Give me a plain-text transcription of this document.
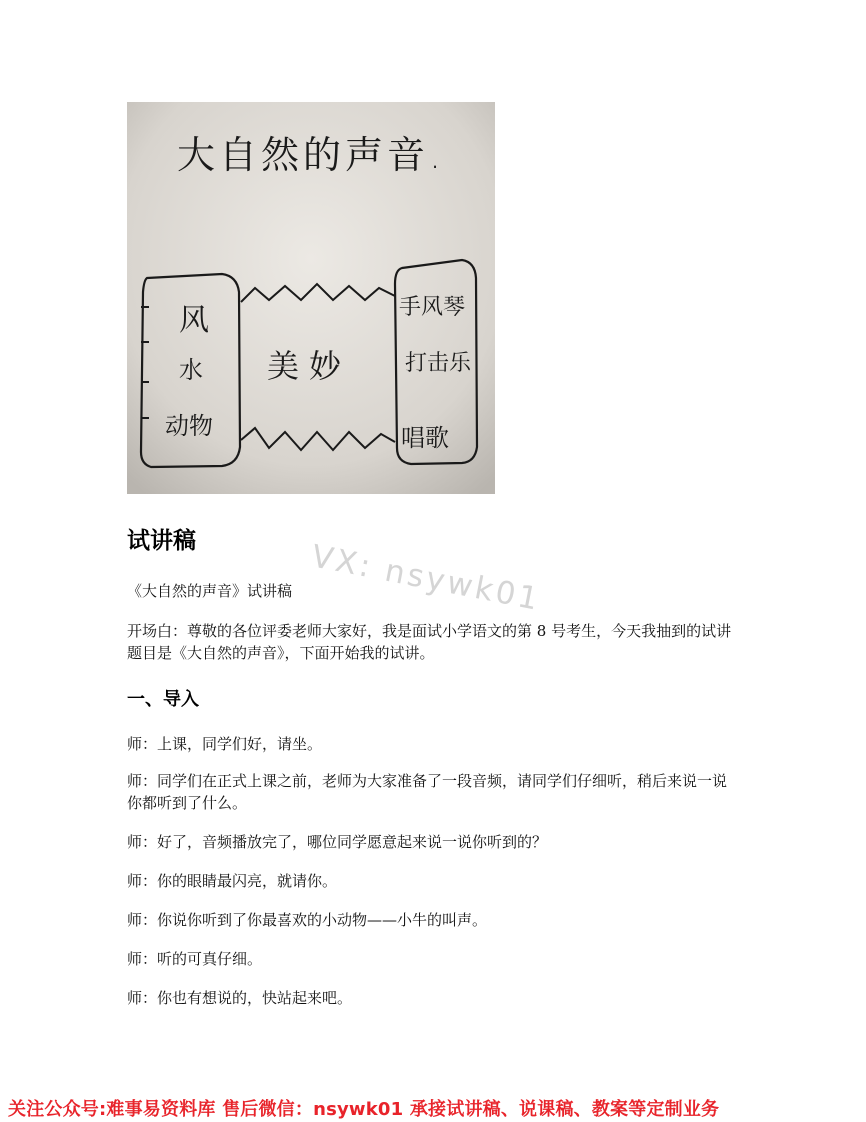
大自然的声音.
风
水
动物
手风琴
打击乐
唱歌
美妙
VX: nsywk01
试讲稿
《大自然的声音》试讲稿
开场白：尊敬的各位评委老师大家好，我是面试小学语文的第 8 号考生，今天我抽到的试讲题目是《大自然的声音》，下面开始我的试讲。
一、导入
师：上课，同学们好，请坐。
师：同学们在正式上课之前，老师为大家准备了一段音频，请同学们仔细听，稍后来说一说你都听到了什么。
师：好了，音频播放完了，哪位同学愿意起来说一说你听到的？
师：你的眼睛最闪亮，就请你。
师：你说你听到了你最喜欢的小动物——小牛的叫声。
师：听的可真仔细。
师：你也有想说的，快站起来吧。
关注公众号:难事易资料库 售后微信：nsywk01 承接试讲稿、说课稿、教案等定制业务
